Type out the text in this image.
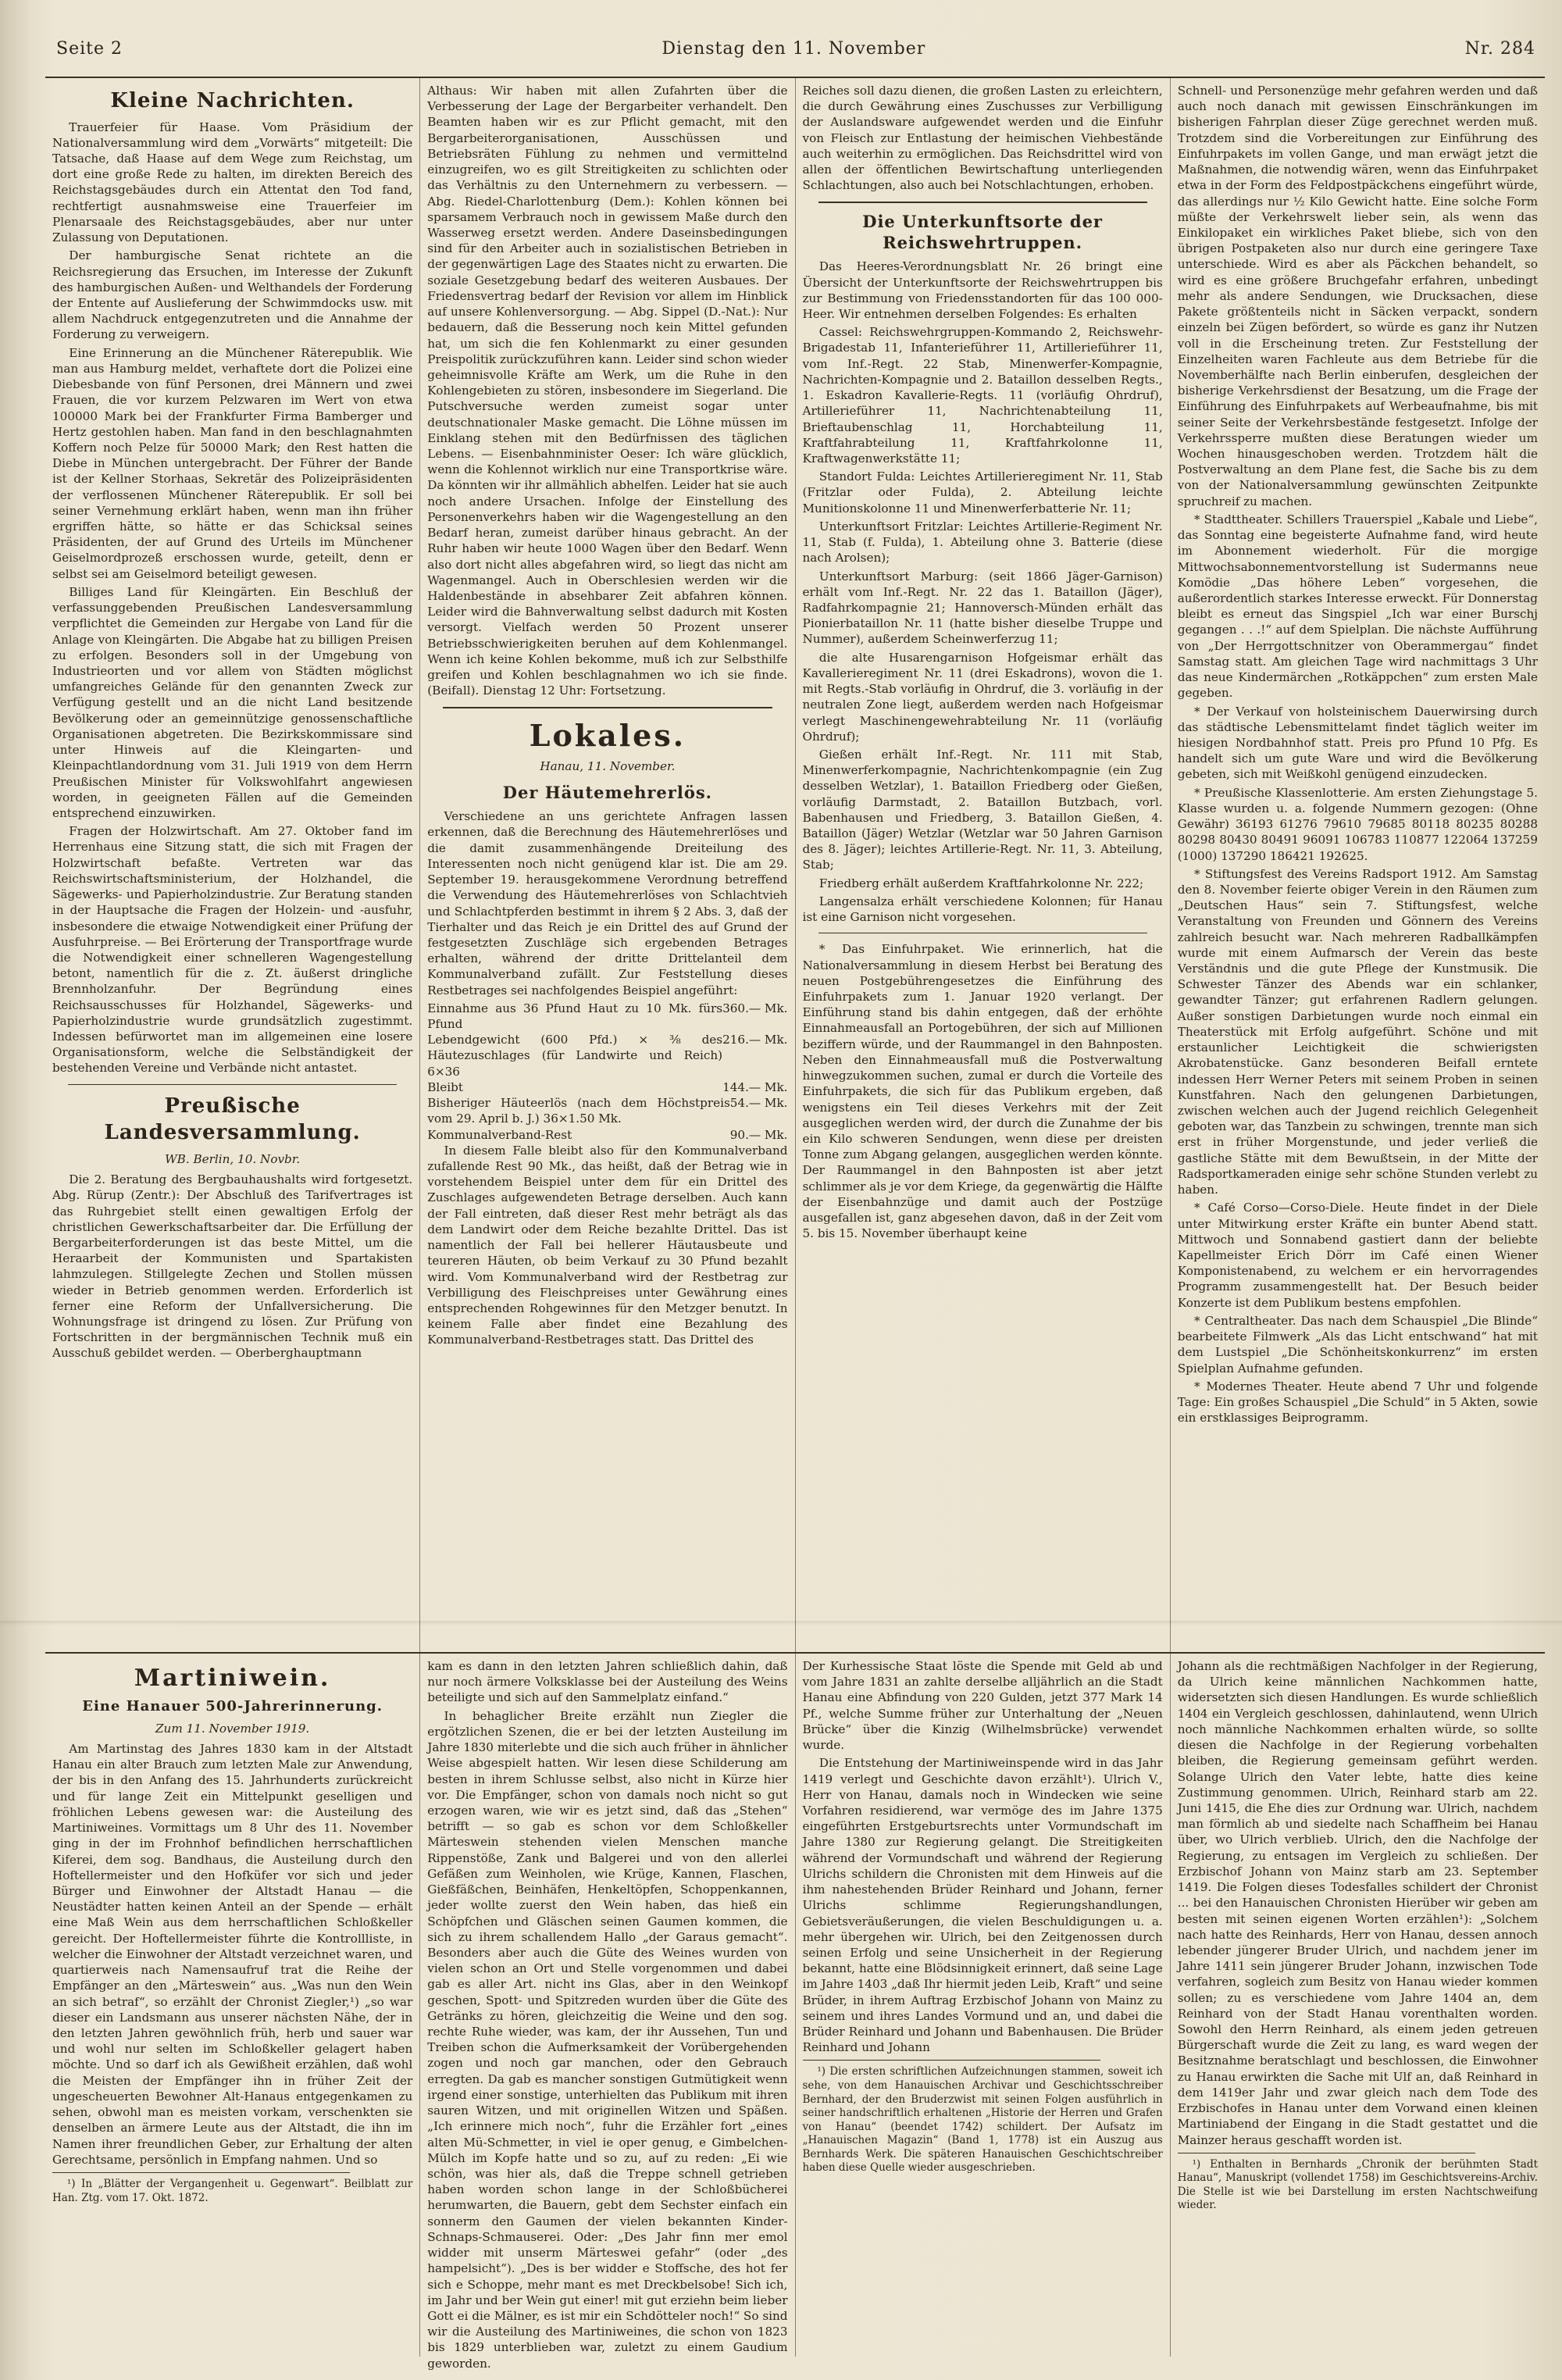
Seite 2	Dienstag den 11. November	Nr. 284
Kleine Nachrichten.

Trauerfeier für Haase. Vom Präsidium der Nationalversammlung wird dem „Vorwärts“ mitgeteilt: Die Tatsache, daß Haase auf dem Wege zum Reichstag, um dort eine große Rede zu halten, im direkten Bereich des Reichstagsgebäudes durch ein Attentat den Tod fand, rechtfertigt ausnahmsweise eine Trauerfeier im Plenarsaale des Reichstagsgebäudes, aber nur unter Zulassung von Deputationen.

Der hamburgische Senat richtete an die Reichsregierung das Ersuchen, im Interesse der Zukunft des hamburgischen Außen- und Welthandels der Forderung der Entente auf Auslieferung der Schwimmdocks usw. mit allem Nachdruck entgegenzutreten und die Annahme der Forderung zu verweigern.

Eine Erinnerung an die Münchener Räterepublik. Wie man aus Hamburg meldet, verhaftete dort die Polizei eine Diebesbande von fünf Personen, drei Männern und zwei Frauen, die vor kurzem Pelzwaren im Wert von etwa 100000 Mark bei der Frankfurter Firma Bamberger und Hertz gestohlen haben. Man fand in den beschlagnahmten Koffern noch Pelze für 50000 Mark; den Rest hatten die Diebe in München untergebracht. Der Führer der Bande ist der Kellner Storhaas, Sekretär des Polizeipräsidenten der verflossenen Münchener Räterepublik. Er soll bei seiner Vernehmung erklärt haben, wenn man ihn früher ergriffen hätte, so hätte er das Schicksal seines Präsidenten, der auf Grund des Urteils im Münchener Geiselmordprozeß erschossen wurde, geteilt, denn er selbst sei am Geiselmord beteiligt gewesen.

Billiges Land für Kleingärten. Ein Beschluß der verfassunggebenden Preußischen Landesversammlung verpflichtet die Gemeinden zur Hergabe von Land für die Anlage von Kleingärten. Die Abgabe hat zu billigen Preisen zu erfolgen. Besonders soll in der Umgebung von Industrieorten und vor allem von Städten möglichst umfangreiches Gelände für den genannten Zweck zur Verfügung gestellt und an die nicht Land besitzende Bevölkerung oder an gemeinnützige genossenschaftliche Organisationen abgetreten. Die Bezirkskommissare sind unter Hinweis auf die Kleingarten- und Kleinpachtlandordnung vom 31. Juli 1919 von dem Herrn Preußischen Minister für Volkswohlfahrt angewiesen worden, in geeigneten Fällen auf die Gemeinden entsprechend einzuwirken.

Fragen der Holzwirtschaft. Am 27. Oktober fand im Herrenhaus eine Sitzung statt, die sich mit Fragen der Holzwirtschaft befaßte. Vertreten war das Reichswirtschaftsministerium, der Holzhandel, die Sägewerks- und Papierholzindustrie. Zur Beratung standen in der Hauptsache die Fragen der Holzein- und -ausfuhr, insbesondere die etwaige Notwendigkeit einer Prüfung der Ausfuhrpreise. — Bei Erörterung der Transportfrage wurde die Notwendigkeit einer schnelleren Wagengestellung betont, namentlich für die z. Zt. äußerst dringliche Brennholzanfuhr. Der Begründung eines Reichsausschusses für Holzhandel, Sägewerks- und Papierholzindustrie wurde grundsätzlich zugestimmt. Indessen befürwortet man im allgemeinen eine losere Organisationsform, welche die Selbständigkeit der bestehenden Vereine und Verbände nicht antastet.

Preußische Landesversammlung.
WB. Berlin, 10. Novbr.

Die 2. Beratung des Bergbauhaushalts wird fortgesetzt. Abg. Rürup (Zentr.): Der Abschluß des Tarifvertrages ist das Ruhrgebiet stellt einen gewaltigen Erfolg der christlichen Gewerkschaftsarbeiter dar. Die Erfüllung der Bergarbeiterforderungen ist das beste Mittel, um die Heraarbeit der Kommunisten und Spartakisten lahmzulegen. Stillgelegte Zechen und Stollen müssen wieder in Betrieb genommen werden. Erforderlich ist ferner eine Reform der Unfallversicherung. Die Wohnungsfrage ist dringend zu lösen. Zur Prüfung von Fortschritten in der bergmännischen Technik muß ein Ausschuß gebildet werden. — Oberberghauptmann

Althaus: Wir haben mit allen Zufahrten über die Verbesserung der Lage der Bergarbeiter verhandelt. Den Beamten haben wir es zur Pflicht gemacht, mit den Bergarbeiterorganisationen, Ausschüssen und Betriebsräten Fühlung zu nehmen und vermittelnd einzugreifen, wo es gilt Streitigkeiten zu schlichten oder das Verhältnis zu den Unternehmern zu verbessern. — Abg. Riedel-Charlottenburg (Dem.): Kohlen können bei sparsamem Verbrauch noch in gewissem Maße durch den Wasserweg ersetzt werden. Andere Daseinsbedingungen sind für den Arbeiter auch in sozialistischen Betrieben in der gegenwärtigen Lage des Staates nicht zu erwarten. Die soziale Gesetzgebung bedarf des weiteren Ausbaues. Der Friedensvertrag bedarf der Revision vor allem im Hinblick auf unsere Kohlenversorgung. — Abg. Sippel (D.-Nat.): Nur bedauern, daß die Besserung noch kein Mittel gefunden hat, um sich die fen Kohlenmarkt zu einer gesunden Preispolitik zurückzuführen kann. Leider sind schon wieder geheimnisvolle Kräfte am Werk, um die Ruhe in den Kohlengebieten zu stören, insbesondere im Siegerland. Die Putschversuche werden zumeist sogar unter deutschnationaler Maske gemacht. Die Löhne müssen im Einklang stehen mit den Bedürfnissen des täglichen Lebens. — Eisenbahnminister Oeser: Ich wäre glücklich, wenn die Kohlennot wirklich nur eine Transportkrise wäre. Da könnten wir ihr allmählich abhelfen. Leider hat sie auch noch andere Ursachen. Infolge der Einstellung des Personenverkehrs haben wir die Wagengestellung an den Bedarf heran, zumeist darüber hinaus gebracht. An der Ruhr haben wir heute 1000 Wagen über den Bedarf. Wenn also dort nicht alles abgefahren wird, so liegt das nicht am Wagenmangel. Auch in Oberschlesien werden wir die Haldenbestände in absehbarer Zeit abfahren können. Leider wird die Bahnverwaltung selbst dadurch mit Kosten versorgt. Vielfach werden 50 Prozent unserer Betriebsschwierigkeiten beruhen auf dem Kohlenmangel. Wenn ich keine Kohlen bekomme, muß ich zur Selbsthilfe greifen und Kohlen beschlagnahmen wo ich sie finde. (Beifall). Dienstag 12 Uhr: Fortsetzung.

Lokales.
Hanau, 11. November.
Der Häutemehrerlös.

Verschiedene an uns gerichtete Anfragen lassen erkennen, daß die Berechnung des Häutemehrerlöses und die damit zusammenhängende Dreiteilung des Interessenten noch nicht genügend klar ist. Die am 29. September 19. herausgekommene Verordnung betreffend die Verwendung des Häutemehrerlöses von Schlachtvieh und Schlachtpferden bestimmt in ihrem § 2 Abs. 3, daß der Tierhalter und das Reich je ein Drittel des auf Grund der festgesetzten Zuschläge sich ergebenden Betrages erhalten, während der dritte Drittelanteil dem Kommunalverband zufällt. Zur Feststellung dieses Restbetrages sei nachfolgendes Beispiel angeführt:

Einnahme aus 36 Pfund Haut zu 10 Mk. fürs Pfund
360.— Mk.
Lebendgewicht (600 Pfd.) × ⅜ des Häutezuschlages (für Landwirte und Reich) 6×36
216.— Mk.
Bleibt	144.— Mk.
Bisheriger Häuteerlös (nach dem Höchstpreis vom 29. April b. J.) 36×1.50 Mk.
54.— Mk.
Kommunalverband-Rest	90.— Mk.

In diesem Falle bleibt also für den Kommunalverband zufallende Rest 90 Mk., das heißt, daß der Betrag wie in vorstehendem Beispiel unter dem für ein Drittel des Zuschlages aufgewendeten Betrage derselben. Auch kann der Fall eintreten, daß dieser Rest mehr beträgt als das dem Landwirt oder dem Reiche bezahlte Drittel. Das ist namentlich der Fall bei hellerer Häutausbeute und teureren Häuten, ob beim Verkauf zu 30 Pfund bezahlt wird. Vom Kommunalverband wird der Restbetrag zur Verbilligung des Fleischpreises unter Gewährung eines entsprechenden Rohgewinnes für den Metzger benutzt. In keinem Falle aber findet eine Bezahlung des Kommunalverband-Restbetrages statt. Das Drittel des

Reiches soll dazu dienen, die großen Lasten zu erleichtern, die durch Gewährung eines Zuschusses zur Verbilligung der Auslandsware aufgewendet werden und die Einfuhr von Fleisch zur Entlastung der heimischen Viehbestände auch weiterhin zu ermöglichen. Das Reichsdrittel wird von allen der öffentlichen Bewirtschaftung unterliegenden Schlachtungen, also auch bei Notschlachtungen, erhoben.

Die Unterkunftsorte der Reichswehrtruppen.

Das Heeres-Verordnungsblatt Nr. 26 bringt eine Übersicht der Unterkunftsorte der Reichswehrtruppen bis zur Bestimmung von Friedensstandorten für das 100 000-Heer. Wir entnehmen derselben Folgendes: Es erhalten

Cassel: Reichswehrgruppen-Kommando 2, Reichswehr-Brigadestab 11, Infanterieführer 11, Artillerieführer 11, vom Inf.-Regt. 22 Stab, Minenwerfer-Kompagnie, Nachrichten-Kompagnie und 2. Bataillon desselben Regts., 1. Eskadron Kavallerie-Regts. 11 (vorläufig Ohrdruf), Artillerieführer 11, Nachrichtenabteilung 11, Brieftaubenschlag 11, Horchabteilung 11, Kraftfahrabteilung 11, Kraftfahrkolonne 11, Kraftwagenwerkstätte 11;

Standort Fulda: Leichtes Artillerieregiment Nr. 11, Stab (Fritzlar oder Fulda), 2. Abteilung leichte Munitionskolonne 11 und Minenwerferbatterie Nr. 11;

Unterkunftsort Fritzlar: Leichtes Artillerie-Regiment Nr. 11, Stab (f. Fulda), 1. Abteilung ohne 3. Batterie (diese nach Arolsen);

Unterkunftsort Marburg: (seit 1866 Jäger-Garnison) erhält vom Inf.-Regt. Nr. 22 das 1. Bataillon (Jäger), Radfahrkompagnie 21; Hannoversch-Münden erhält das Pionierbataillon Nr. 11 (hatte bisher dieselbe Truppe und Nummer), außerdem Scheinwerferzug 11;

die alte Husarengarnison Hofgeismar erhält das Kavallerieregiment Nr. 11 (drei Eskadrons), wovon die 1. mit Regts.-Stab vorläufig in Ohrdruf, die 3. vorläufig in der neutralen Zone liegt, außerdem werden nach Hofgeismar verlegt Maschinengewehrabteilung Nr. 11 (vorläufig Ohrdruf);

Gießen erhält Inf.-Regt. Nr. 111 mit Stab, Minenwerferkompagnie, Nachrichtenkompagnie (ein Zug desselben Wetzlar), 1. Bataillon Friedberg oder Gießen, vorläufig Darmstadt, 2. Bataillon Butzbach, vorl. Babenhausen und Friedberg, 3. Bataillon Gießen, 4. Bataillon (Jäger) Wetzlar (Wetzlar war 50 Jahren Garnison des 8. Jäger); leichtes Artillerie-Regt. Nr. 11, 3. Abteilung, Stab;

Friedberg erhält außerdem Kraftfahrkolonne Nr. 222;

Langensalza erhält verschiedene Kolonnen; für Hanau ist eine Garnison nicht vorgesehen.

* Das Einfuhrpaket. Wie erinnerlich, hat die Nationalversammlung in diesem Herbst bei Beratung des neuen Postgebührengesetzes die Einführung des Einfuhrpakets zum 1. Januar 1920 verlangt. Der Einführung stand bis dahin entgegen, daß der erhöhte Einnahmeausfall an Portogebühren, der sich auf Millionen beziffern würde, und der Raummangel in den Bahnposten. Neben den Einnahmeausfall muß die Postverwaltung hinwegzukommen suchen, zumal er durch die Vorteile des Einfuhrpakets, die sich für das Publikum ergeben, daß wenigstens ein Teil dieses Verkehrs mit der Zeit ausgeglichen werden wird, der durch die Zunahme der bis ein Kilo schweren Sendungen, wenn diese per dreisten Tonne zum Abgang gelangen, ausgeglichen werden könnte. Der Raummangel in den Bahnposten ist aber jetzt schlimmer als je vor dem Kriege, da gegenwärtig die Hälfte der Eisenbahnzüge und damit auch der Postzüge ausgefallen ist, ganz abgesehen davon, daß in der Zeit vom 5. bis 15. November überhaupt keine

Schnell- und Personenzüge mehr gefahren werden und daß auch noch danach mit gewissen Einschränkungen im bisherigen Fahrplan dieser Züge gerechnet werden muß. Trotzdem sind die Vorbereitungen zur Einführung des Einfuhrpakets im vollen Gange, und man erwägt jetzt die Maßnahmen, die notwendig wären, wenn das Einfuhrpaket etwa in der Form des Feldpostpäckchens eingeführt würde, das allerdings nur ½ Kilo Gewicht hatte. Eine solche Form müßte der Verkehrswelt lieber sein, als wenn das Einkilopaket ein wirkliches Paket bliebe, sich von den übrigen Postpaketen also nur durch eine geringere Taxe unterschiede. Wird es aber als Päckchen behandelt, so wird es eine größere Bruchgefahr erfahren, unbedingt mehr als andere Sendungen, wie Drucksachen, diese Pakete größtenteils nicht in Säcken verpackt, sondern einzeln bei Zügen befördert, so würde es ganz ihr Nutzen voll in die Erscheinung treten. Zur Feststellung der Einzelheiten waren Fachleute aus dem Betriebe für die Novemberhälfte nach Berlin einberufen, desgleichen der bisherige Verkehrsdienst der Besatzung, um die Frage der Einführung des Einfuhrpakets auf Werbeaufnahme, bis mit seiner Seite der Verkehrsbestände festgesetzt. Infolge der Verkehrssperre mußten diese Beratungen wieder um Wochen hinausgeschoben werden. Trotzdem hält die Postverwaltung an dem Plane fest, die Sache bis zu dem von der Nationalversammlung gewünschten Zeitpunkte spruchreif zu machen.

* Stadttheater. Schillers Trauerspiel „Kabale und Liebe“, das Sonntag eine begeisterte Aufnahme fand, wird heute im Abonnement wiederholt. Für die morgige Mittwochsabonnementvorstellung ist Sudermanns neue Komödie „Das höhere Leben“ vorgesehen, die außerordentlich starkes Interesse erweckt. Für Donnerstag bleibt es erneut das Singspiel „Ich war einer Burschj gegangen . . .!“ auf dem Spielplan. Die nächste Aufführung von „Der Herrgottschnitzer von Oberammergau“ findet Samstag statt. Am gleichen Tage wird nachmittags 3 Uhr das neue Kindermärchen „Rotkäppchen“ zum ersten Male gegeben.

* Der Verkauf von holsteinischem Dauerwirsing durch das städtische Lebensmittelamt findet täglich weiter im hiesigen Nordbahnhof statt. Preis pro Pfund 10 Pfg. Es handelt sich um gute Ware und wird die Bevölkerung gebeten, sich mit Weißkohl genügend einzudecken.

* Preußische Klassenlotterie. Am ersten Ziehungstage 5. Klasse wurden u. a. folgende Nummern gezogen: (Ohne Gewähr) 36193 61276 79610 79685 80118 80235 80288 80298 80430 80491 96091 106783 110877 122064 137259 (1000) 137290 186421 192625.

* Stiftungsfest des Vereins Radsport 1912. Am Samstag den 8. November feierte obiger Verein in den Räumen zum „Deutschen Haus“ sein 7. Stiftungsfest, welche Veranstaltung von Freunden und Gönnern des Vereins zahlreich besucht war. Nach mehreren Radballkämpfen wurde mit einem Aufmarsch der Verein das beste Verständnis und die gute Pflege der Kunstmusik. Die Schwester Tänzer des Abends war ein schlanker, gewandter Tänzer; gut erfahrenen Radlern gelungen. Außer sonstigen Darbietungen wurde noch einmal ein Theaterstück mit Erfolg aufgeführt. Schöne und mit erstaunlicher Leichtigkeit die schwierigsten Akrobatenstücke. Ganz besonderen Beifall erntete indessen Herr Werner Peters mit seinem Proben in seinen Kunstfahren. Nach den gelungenen Darbietungen, zwischen welchen auch der Jugend reichlich Gelegenheit geboten war, das Tanzbein zu schwingen, trennte man sich erst in früher Morgenstunde, und jeder verließ die gastliche Stätte mit dem Bewußtsein, in der Mitte der Radsportkameraden einige sehr schöne Stunden verlebt zu haben.

* Café Corso—Corso-Diele. Heute findet in der Diele unter Mitwirkung erster Kräfte ein bunter Abend statt. Mittwoch und Sonnabend gastiert dann der beliebte Kapellmeister Erich Dörr im Café einen Wiener Komponistenabend, zu welchem er ein hervorragendes Programm zusammengestellt hat. Der Besuch beider Konzerte ist dem Publikum bestens empfohlen.

* Centraltheater. Das nach dem Schauspiel „Die Blinde“ bearbeitete Filmwerk „Als das Licht entschwand“ hat mit dem Lustspiel „Die Schönheitskonkurrenz“ im ersten Spielplan Aufnahme gefunden.

* Modernes Theater. Heute abend 7 Uhr und folgende Tage: Ein großes Schauspiel „Die Schuld“ in 5 Akten, sowie ein erstklassiges Beiprogramm.

Martiniwein.
Eine Hanauer 500-Jahrerinnerung.
Zum 11. November 1919.

Am Martinstag des Jahres 1830 kam in der Altstadt Hanau ein alter Brauch zum letzten Male zur Anwendung, der bis in den Anfang des 15. Jahrhunderts zurückreicht und für lange Zeit ein Mittelpunkt geselligen und fröhlichen Lebens gewesen war: die Austeilung des Martiniweines. Vormittags um 8 Uhr des 11. November ging in der im Frohnhof befindlichen herrschaftlichen Kiferei, dem sog. Bandhaus, die Austeilung durch den Hoftellermeister und den Hofküfer vor sich und jeder Bürger und Einwohner der Altstadt Hanau — die Neustädter hatten keinen Anteil an der Spende — erhält eine Maß Wein aus dem herrschaftlichen Schloßkeller gereicht. Der Hoftellermeister führte die Kontrollliste, in welcher die Einwohner der Altstadt verzeichnet waren, und quartierweis nach Namensaufruf trat die Reihe der Empfänger an den „Märteswein“ aus. „Was nun den Wein an sich betraf“, so erzählt der Chronist Ziegler,¹) „so war dieser ein Landsmann aus unserer nächsten Nähe, der in den letzten Jahren gewöhnlich früh, herb und sauer war und wohl nur selten im Schloßkeller gelagert haben möchte. Und so darf ich als Gewißheit erzählen, daß wohl die Meisten der Empfänger ihn in früher Zeit der ungescheuerten Bewohner Alt-Hanaus entgegenkamen zu sehen, obwohl man es meisten vorkam, verschenkten sie denselben an ärmere Leute aus der Altstadt, die ihn im Namen ihrer freundlichen Geber, zur Erhaltung der alten Gerechtsame, persönlich in Empfang nahmen. Und so

¹) In „Blätter der Vergangenheit u. Gegenwart“. Beilblatt zur Han. Ztg. vom 17. Okt. 1872.

kam es dann in den letzten Jahren schließlich dahin, daß nur noch ärmere Volksklasse bei der Austeilung des Weins beteiligte und sich auf den Sammelplatz einfand.“

In behaglicher Breite erzählt nun Ziegler die ergötzlichen Szenen, die er bei der letzten Austeilung im Jahre 1830 miterlebte und die sich auch früher in ähnlicher Weise abgespielt hatten. Wir lesen diese Schilderung am besten in ihrem Schlusse selbst, also nicht in Kürze hier vor. Die Empfänger, schon von damals noch nicht so gut erzogen waren, wie wir es jetzt sind, daß das „Stehen“ betrifft — so gab es schon vor dem Schloßkeller Märteswein stehenden vielen Menschen manche Rippenstöße, Zank und Balgerei und von den allerlei Gefäßen zum Weinholen, wie Krüge, Kannen, Flaschen, Gießfäßchen, Beinhäfen, Henkeltöpfen, Schoppenkannen, jeder wollte zuerst den Wein haben, das hieß ein Schöpfchen und Gläschen seinen Gaumen kommen, die sich zu ihrem schallendem Hallo „der Garaus gemacht“. Besonders aber auch die Güte des Weines wurden von vielen schon an Ort und Stelle vorgenommen und dabei gab es aller Art. nicht ins Glas, aber in den Weinkopf geschen, Spott- und Spitzreden wurden über die Güte des Getränks zu hören, gleichzeitig die Weine und den sog. rechte Ruhe wieder, was kam, der ihr Aussehen, Tun und Treiben schon die Aufmerksamkeit der Vorübergehenden zogen und noch gar manchen, oder den Gebrauch erregten. Da gab es mancher sonstigen Gutmütigkeit wenn irgend einer sonstige, unterhielten das Publikum mit ihren sauren Witzen, und mit originellen Witzen und Späßen. „Ich erinnere mich noch“, fuhr die Erzähler fort „eines alten Mü-Schmetter, in viel ie oper genug, e Gimbelchen-Mülch im Kopfe hatte und so zu, auf zu reden: „Ei wie schön, was hier als, daß die Treppe schnell getrieben haben worden schon lange in der Schloßbücherei herumwarten, die Bauern, gebt dem Sechster einfach ein sonnerm den Gaumen der vielen bekannten Kinder-Schnaps-Schmauserei. Oder: „Des Jahr finn mer emol widder mit unserm Märteswei gefahr“ (oder „des hampelsicht“). „Des is ber widder e Stoffsche, des hot fer sich e Schoppe, mehr mant es met Dreckbelsobe! Sich ich, im Jahr und ber Wein gut einer! mit gut erziehn beim lieber Gott ei die Mälner, es ist mir ein Schdötteler noch!“ So sind wir die Austeilung des Martiniweines, die schon von 1823 bis 1829 unterblieben war, zuletzt zu einem Gaudium geworden.

Der Kurhessische Staat löste die Spende mit Geld ab und vom Jahre 1831 an zahlte derselbe alljährlich an die Stadt Hanau eine Abfindung von 220 Gulden, jetzt 377 Mark 14 Pf., welche Summe früher zur Unterhaltung der „Neuen Brücke“ über die Kinzig (Wilhelmsbrücke) verwendet wurde.

Die Entstehung der Martiniweinspende wird in das Jahr 1419 verlegt und Geschichte davon erzählt¹). Ulrich V., Herr von Hanau, damals noch in Windecken wie seine Vorfahren residierend, war vermöge des im Jahre 1375 eingeführten Erstgeburtsrechts unter Vormundschaft im Jahre 1380 zur Regierung gelangt. Die Streitigkeiten während der Vormundschaft und während der Regierung Ulrichs schildern die Chronisten mit dem Hinweis auf die ihm nahestehenden Brüder Reinhard und Johann, ferner Ulrichs schlimme Regierungshandlungen, Gebietsveräußerungen, die vielen Beschuldigungen u. a. mehr übergehen wir. Ulrich, bei den Zeitgenossen durch seinen Erfolg und seine Unsicherheit in der Regierung bekannt, hatte eine Blödsinnigkeit erinnert, daß seine Lage im Jahre 1403 „daß Ihr hiermit jeden Leib, Kraft“ und seine Brüder, in ihrem Auftrag Erzbischof Johann von Mainz zu seinem und ihres Landes Vormund und an, und dabei die Brüder Reinhard und Johann und Babenhausen. Die Brüder Reinhard und Johann

¹) Die ersten schriftlichen Aufzeichnungen stammen, soweit ich sehe, von dem Hanauischen Archivar und Geschichtsschreiber Bernhard, der den Bruderzwist mit seinen Folgen ausführlich in seiner handschriftlich erhaltenen „Historie der Herren und Grafen von Hanau“ (beendet 1742) schildert. Der Aufsatz im „Hanauischen Magazin“ (Band 1, 1778) ist ein Auszug aus Bernhards Werk. Die späteren Hanauischen Geschichtschreiber haben diese Quelle wieder ausgeschrieben.

Johann als die rechtmäßigen Nachfolger in der Regierung, da Ulrich keine männlichen Nachkommen hatte, widersetzten sich diesen Handlungen. Es wurde schließlich 1404 ein Vergleich geschlossen, dahinlautend, wenn Ulrich noch männliche Nachkommen erhalten würde, so sollte diesen die Nachfolge in der Regierung vorbehalten bleiben, die Regierung gemeinsam geführt werden. Solange Ulrich den Vater lebte, hatte dies keine Zustimmung genommen. Ulrich, Reinhard starb am 22. Juni 1415, die Ehe dies zur Ordnung war. Ulrich, nachdem man förmlich ab und siedelte nach Schaffheim bei Hanau über, wo Ulrich verblieb. Ulrich, den die Nachfolge der Regierung, zu entsagen im Vergleich zu schließen. Der Erzbischof Johann von Mainz starb am 23. September 1419. Die Folgen dieses Todesfalles schildert der Chronist ... bei den Hanauischen Chronisten Hierüber wir geben am besten mit seinen eigenen Worten erzählen¹): „Solchem nach hatte des Reinhards, Herr von Hanau, dessen annoch lebender jüngerer Bruder Ulrich, und nachdem jener im Jahre 1411 sein jüngerer Bruder Johann, inzwischen Tode verfahren, sogleich zum Besitz von Hanau wieder kommen sollen; zu es verschiedene vom Jahre 1404 an, dem Reinhard von der Stadt Hanau vorenthalten worden. Sowohl den Herrn Reinhard, als einem jeden getreuen Bürgerschaft wurde die Zeit zu lang, es ward wegen der Besitznahme beratschlagt und beschlossen, die Einwohner zu Hanau erwirkten die Sache mit Ulf an, daß Reinhard in dem 1419er Jahr und zwar gleich nach dem Tode des Erzbischofes in Hanau unter dem Vorwand einen kleinen Martiniabend der Eingang in die Stadt gestattet und die Mainzer heraus geschafft worden ist.

¹) Enthalten in Bernhards „Chronik der berühmten Stadt Hanau“, Manuskript (vollendet 1758) im Geschichtsvereins-Archiv. Die Stelle ist wie bei Darstellung im ersten Nachtschweifung wieder.
